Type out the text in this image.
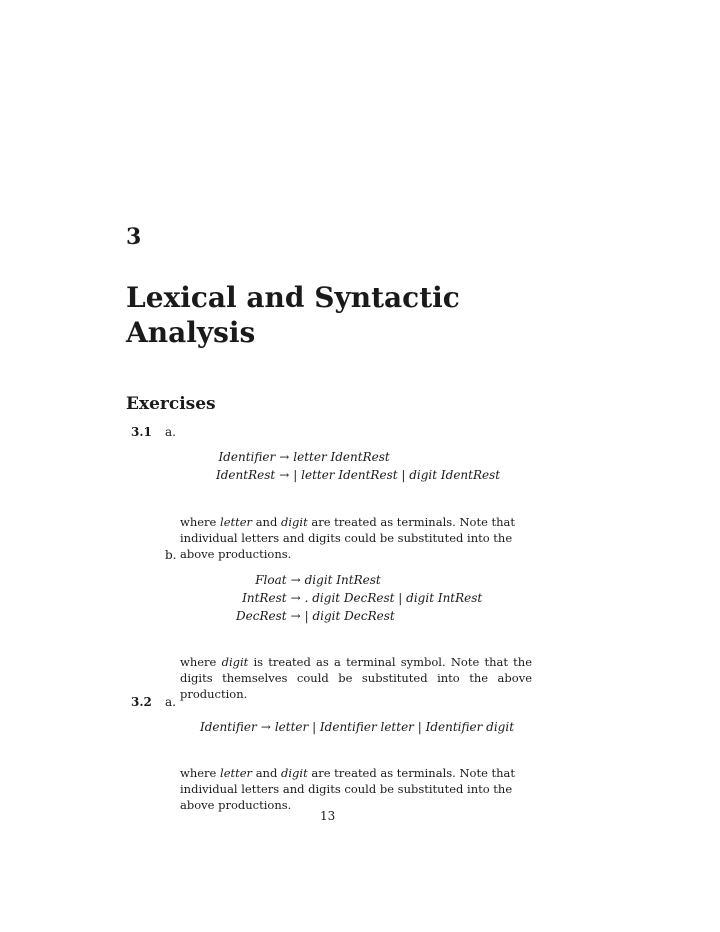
3
Lexical and Syntactic Analysis
Exercises
3.1 a.
Identifier	→	letter IdentRest
IdentRest	→	| letter IdentRest | digit IdentRest
where letter and digit are treated as terminals. Note that individual letters and digits could be substituted into the above productions.
b.
Float	→	digit IntRest
IntRest	→	. digit DecRest | digit IntRest
DecRest	→	| digit DecRest
where digit is treated as a terminal symbol. Note that the digits themselves could be substituted into the above production.
3.2 a.
Identifier	→	letter | Identifier letter | Identifier digit
where letter and digit are treated as terminals. Note that individual letters and digits could be substituted into the above productions.
13
